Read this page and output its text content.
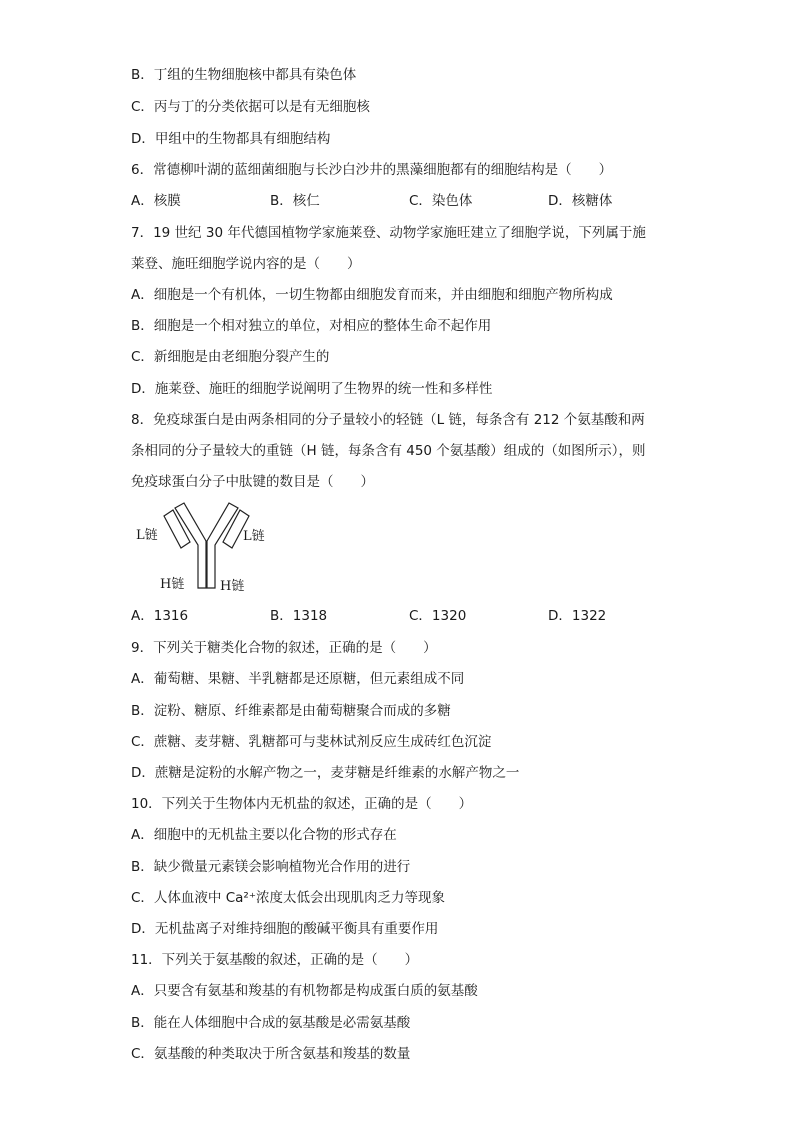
B．丁组的生物细胞核中都具有染色体
C．丙与丁的分类依据可以是有无细胞核
D．甲组中的生物都具有细胞结构
6．常德柳叶湖的蓝细菌细胞与长沙白沙井的黑藻细胞都有的细胞结构是（　　）
A．核膜	B．核仁	C．染色体	D．核糖体
7．19 世纪 30 年代德国植物学家施莱登、动物学家施旺建立了细胞学说，下列属于施
莱登、施旺细胞学说内容的是（　　）
A．细胞是一个有机体，一切生物都由细胞发育而来，并由细胞和细胞产物所构成
B．细胞是一个相对独立的单位，对相应的整体生命不起作用
C．新细胞是由老细胞分裂产生的
D．施莱登、施旺的细胞学说阐明了生物界的统一性和多样性
8．免疫球蛋白是由两条相同的分子量较小的轻链（L 链，每条含有 212 个氨基酸和两
条相同的分子量较大的重链（H 链，每条含有 450 个氨基酸）组成的（如图所示），则
免疫球蛋白分子中肽键的数目是（　　）
L链	L链
H链	H链
A．1316	B．1318	C．1320	D．1322
9．下列关于糖类化合物的叙述，正确的是（　　）
A．葡萄糖、果糖、半乳糖都是还原糖，但元素组成不同
B．淀粉、糖原、纤维素都是由葡萄糖聚合而成的多糖
C．蔗糖、麦芽糖、乳糖都可与斐林试剂反应生成砖红色沉淀
D．蔗糖是淀粉的水解产物之一，麦芽糖是纤维素的水解产物之一
10．下列关于生物体内无机盐的叙述，正确的是（　　）
A．细胞中的无机盐主要以化合物的形式存在
B．缺少微量元素镁会影响植物光合作用的进行
C．人体血液中 Ca²⁺浓度太低会出现肌肉乏力等现象
D．无机盐离子对维持细胞的酸碱平衡具有重要作用
11．下列关于氨基酸的叙述，正确的是（　　）
A．只要含有氨基和羧基的有机物都是构成蛋白质的氨基酸
B．能在人体细胞中合成的氨基酸是必需氨基酸
C．氨基酸的种类取决于所含氨基和羧基的数量
